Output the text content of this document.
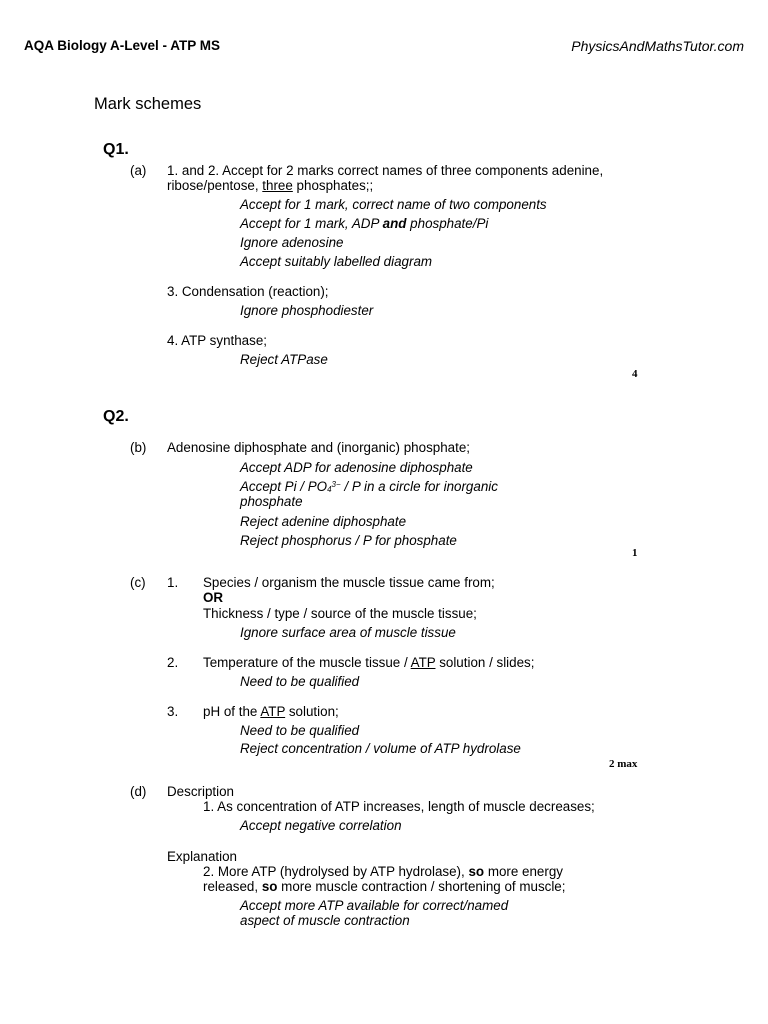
AQA Biology A-Level - ATP MS	PhysicsAndMathsTutor.com
Mark schemes
Q1.
(a) 1. and 2. Accept for 2 marks correct names of three components adenine,
ribose/pentose, three phosphates;;
Accept for 1 mark, correct name of two components
Accept for 1 mark, ADP and phosphate/Pi
Ignore adenosine
Accept suitably labelled diagram
3. Condensation (reaction);
Ignore phosphodiester
4. ATP synthase;
Reject ATPase
4
Q2.
(b) Adenosine diphosphate and (inorganic) phosphate;
Accept ADP for adenosine diphosphate
Accept Pi / $PO_4^{3-}$ / P in a circle for inorganic
phosphate
Reject adenine diphosphate
Reject phosphorus / P for phosphate
1
(c) 1. Species / organism the muscle tissue came from;
OR
Thickness / type / source of the muscle tissue;
Ignore surface area of muscle tissue
2. Temperature of the muscle tissue / ATP solution / slides;
Need to be qualified
3. pH of the ATP solution;
Need to be qualified
Reject concentration / volume of ATP hydrolase
2 max
(d) Description
1. As concentration of ATP increases, length of muscle decreases;
Accept negative correlation
Explanation
2. More ATP (hydrolysed by ATP hydrolase), so more energy
released, so more muscle contraction / shortening of muscle;
Accept more ATP available for correct/named
aspect of muscle contraction
